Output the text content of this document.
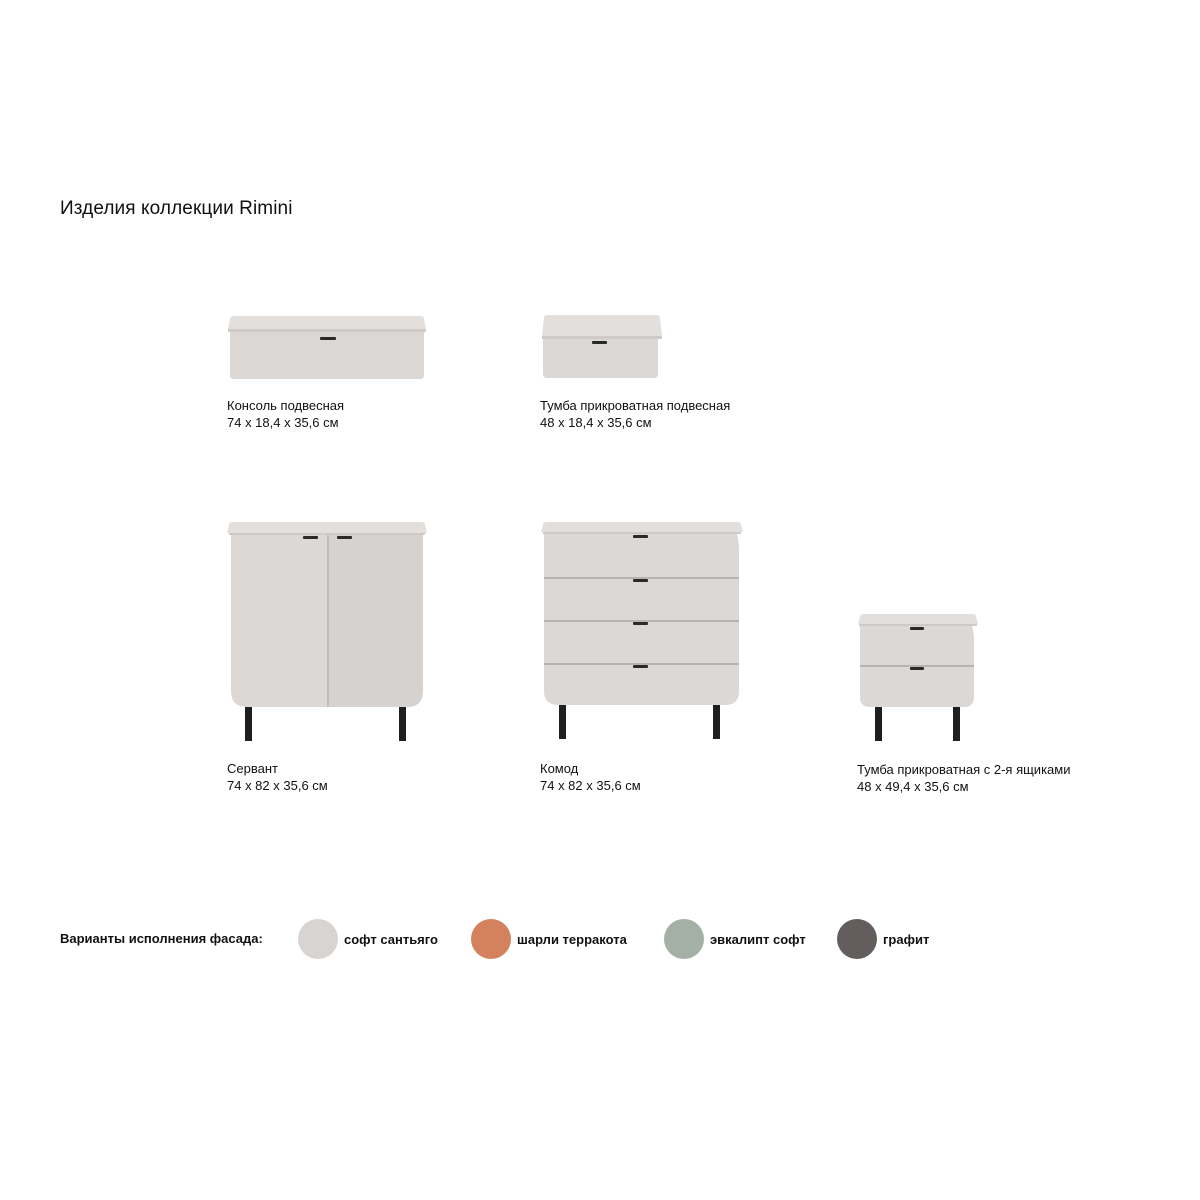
Изделия коллекции Rimini
Консоль подвесная
74 x 18,4 x 35,6 см
Тумба прикроватная подвесная
48 x 18,4 x 35,6 см
Сервант
74 x 82 x 35,6 см
Комод
74 x 82 x 35,6 см
Тумба прикроватная с 2-я ящиками
48 x 49,4 x 35,6 см
Варианты исполнения фасада:	софт сантьяго	шарли терракота	эвкалипт софт	графит
